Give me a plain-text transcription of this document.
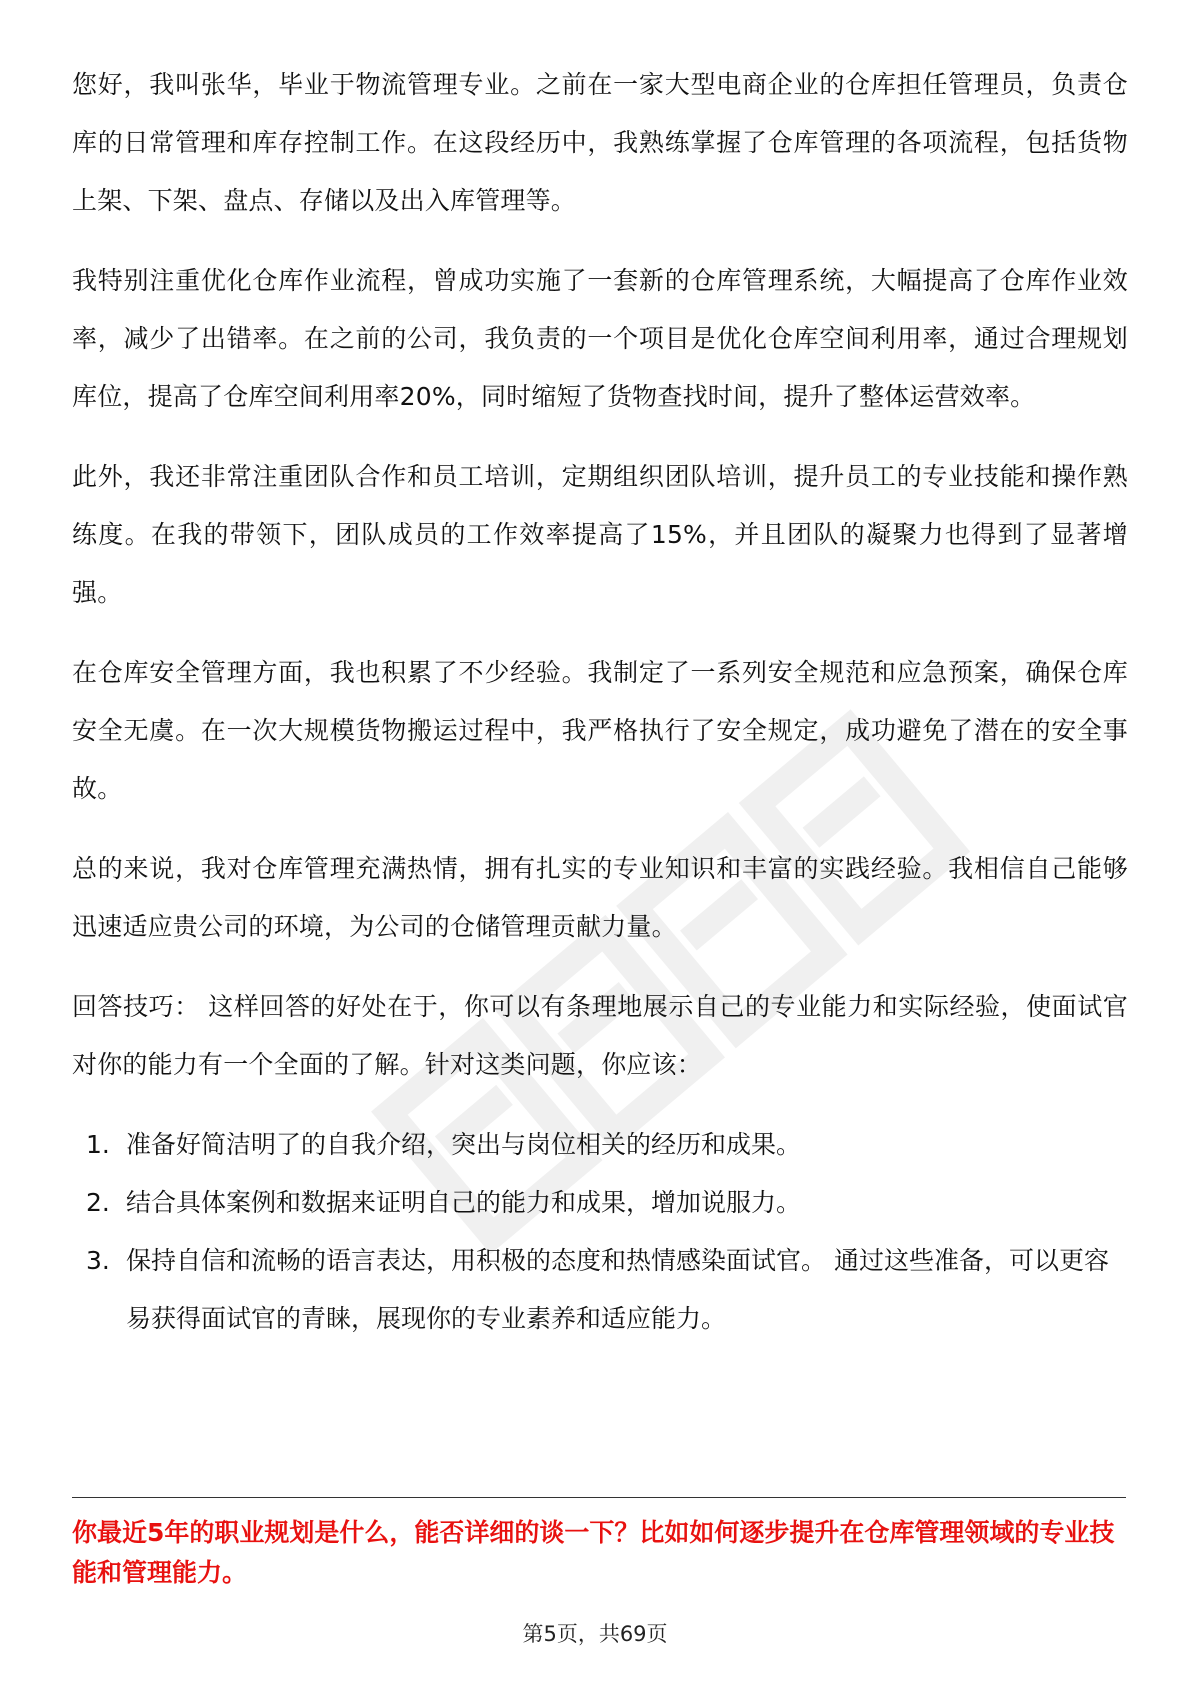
您好，我叫张华，毕业于物流管理专业。之前在一家大型电商企业的仓库担任管理员，负责仓库的日常管理和库存控制工作。在这段经历中，我熟练掌握了仓库管理的各项流程，包括货物上架、下架、盘点、存储以及出入库管理等。

我特别注重优化仓库作业流程，曾成功实施了一套新的仓库管理系统，大幅提高了仓库作业效率，减少了出错率。在之前的公司，我负责的一个项目是优化仓库空间利用率，通过合理规划库位，提高了仓库空间利用率20%，同时缩短了货物查找时间，提升了整体运营效率。

此外，我还非常注重团队合作和员工培训，定期组织团队培训，提升员工的专业技能和操作熟练度。在我的带领下，团队成员的工作效率提高了15%，并且团队的凝聚力也得到了显著增强。

在仓库安全管理方面，我也积累了不少经验。我制定了一系列安全规范和应急预案，确保仓库安全无虞。在一次大规模货物搬运过程中，我严格执行了安全规定，成功避免了潜在的安全事故。

总的来说，我对仓库管理充满热情，拥有扎实的专业知识和丰富的实践经验。我相信自己能够迅速适应贵公司的环境，为公司的仓储管理贡献力量。

回答技巧： 这样回答的好处在于，你可以有条理地展示自己的专业能力和实际经验，使面试官对你的能力有一个全面的了解。针对这类问题，你应该：

1. 准备好简洁明了的自我介绍，突出与岗位相关的经历和成果。
2. 结合具体案例和数据来证明自己的能力和成果，增加说服力。
3. 保持自信和流畅的语言表达，用积极的态度和热情感染面试官。 通过这些准备，可以更容易获得面试官的青睐，展现你的专业素养和适应能力。

你最近5年的职业规划是什么，能否详细的谈一下？比如如何逐步提升在仓库管理领域的专业技能和管理能力。

第5页，共69页
